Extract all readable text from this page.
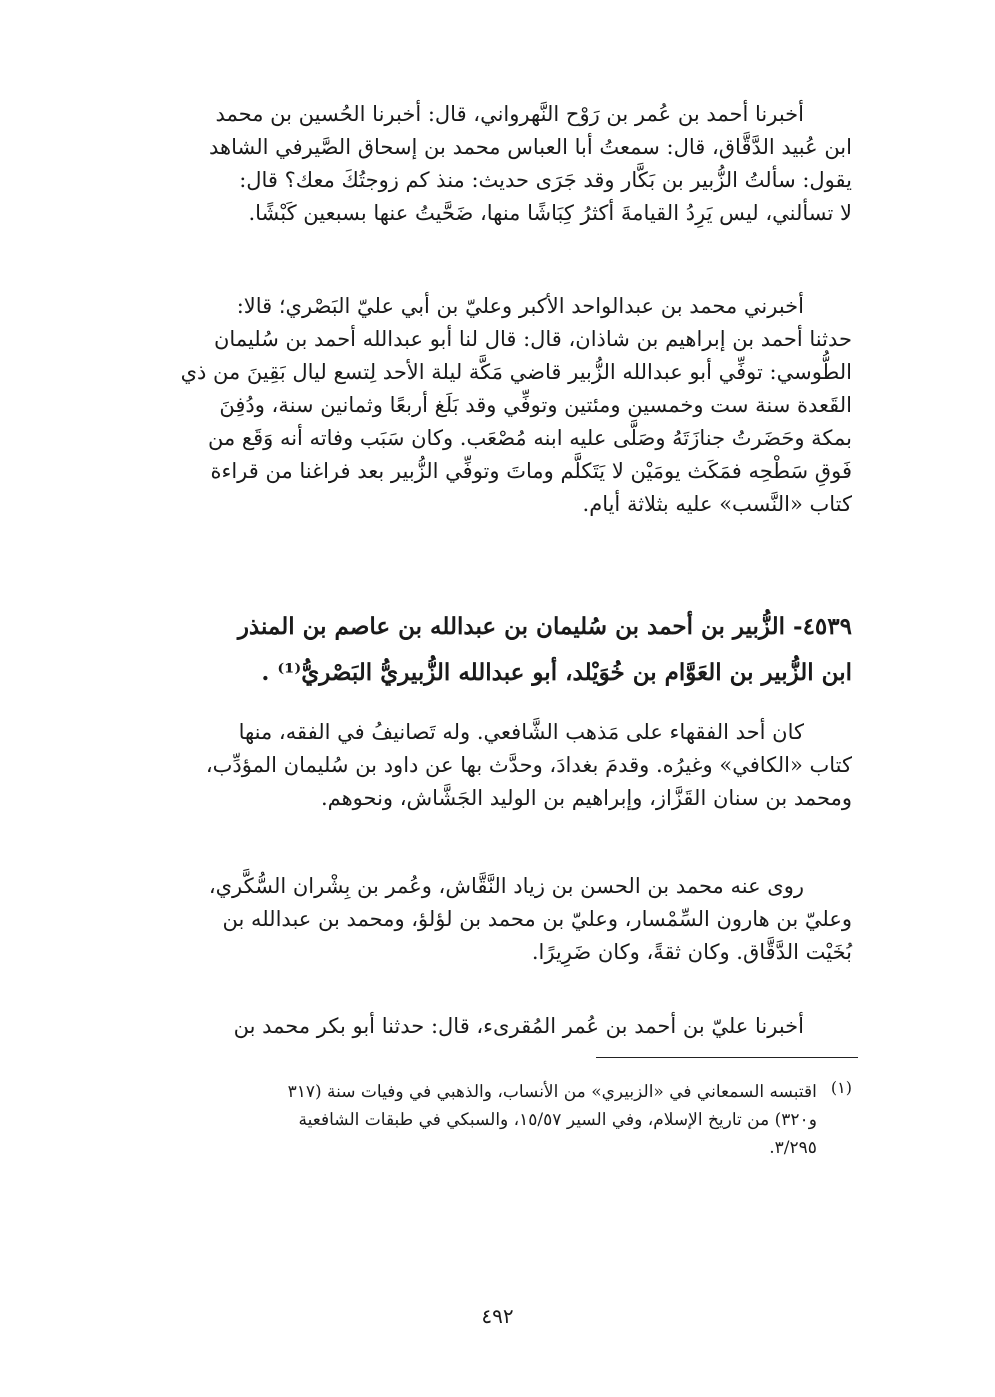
أخبرنا أحمد بن عُمر بن رَوْح النَّهرواني، قال: أخبرنا الحُسين بن محمد

ابن عُبيد الدَّقَّاق، قال: سمعتُ أبا العباس محمد بن إسحاق الصَّيرفي الشاهد

يقول: سألتُ الزُّبير بن بَكَّار وقد جَرَى حديث: منذ كم زوجتُكَ معك؟ قال:

لا تسألني، ليس يَرِدُ القيامةَ أكثرُ كِبَاشًا منها، ضَحَّيتُ عنها بسبعين كَبْشًا.

أخبرني محمد بن عبدالواحد الأكبر وعليّ بن أبي عليّ البَصْري؛ قالا:

حدثنا أحمد بن إبراهيم بن شاذان، قال: قال لنا أبو عبدالله أحمد بن سُليمان

الطُّوسي: توفِّي أبو عبدالله الزُّبير قاضي مَكَّة ليلة الأحد لِتسع ليال بَقِينَ من ذي

القَعدة سنة ست وخمسين ومئتين وتوفِّي وقد بَلَغ أربعًا وثمانين سنة، ودُفِنَ

بمكة وحَضَرتُ جنازَتَهُ وصَلَّى عليه ابنه مُصْعَب. وكان سَبَب وفاته أنه وَقَع من

فَوقِ سَطْحِه فمَكَث يومَيْن لا يَتَكلَّم وماتَ وتوفِّي الزُّبير بعد فراغنا من قراءة

كتاب «النَّسب» عليه بثلاثة أيام.

٤٥٣٩- الزُّبير بن أحمد بن سُليمان بن عبدالله بن عاصم بن المنذر

ابن الزُّبير بن العَوَّام بن خُوَيْلد، أبو عبدالله الزُّبيريُّ البَصْريُّ⁽¹⁾ .

كان أحد الفقهاء على مَذهب الشَّافعي. وله تَصانيفُ في الفقه، منها

كتاب «الكافي» وغيرُه. وقدمَ بغدادَ، وحدَّث بها عن داود بن سُليمان المؤدِّب،

ومحمد بن سنان القَزَّاز، وإبراهيم بن الوليد الجَشَّاش، ونحوهم.

روى عنه محمد بن الحسن بن زياد النَّقَّاش، وعُمر بن بِشْران السُّكَّري،

وعليّ بن هارون السِّمْسار، وعليّ بن محمد بن لؤلؤ، ومحمد بن عبدالله بن

بُخَيْت الدَّقَّاق. وكان ثقةً، وكان ضَرِيرًا.

أخبرنا عليّ بن أحمد بن عُمر المُقرىء، قال: حدثنا أبو بكر محمد بن

(١)

اقتبسه السمعاني في «الزبيري» من الأنساب، والذهبي في وفيات سنة (٣١٧

و٣٢٠) من تاريخ الإسلام، وفي السير ١٥/٥٧، والسبكي في طبقات الشافعية

٣/٢٩٥.

٤٩٢
